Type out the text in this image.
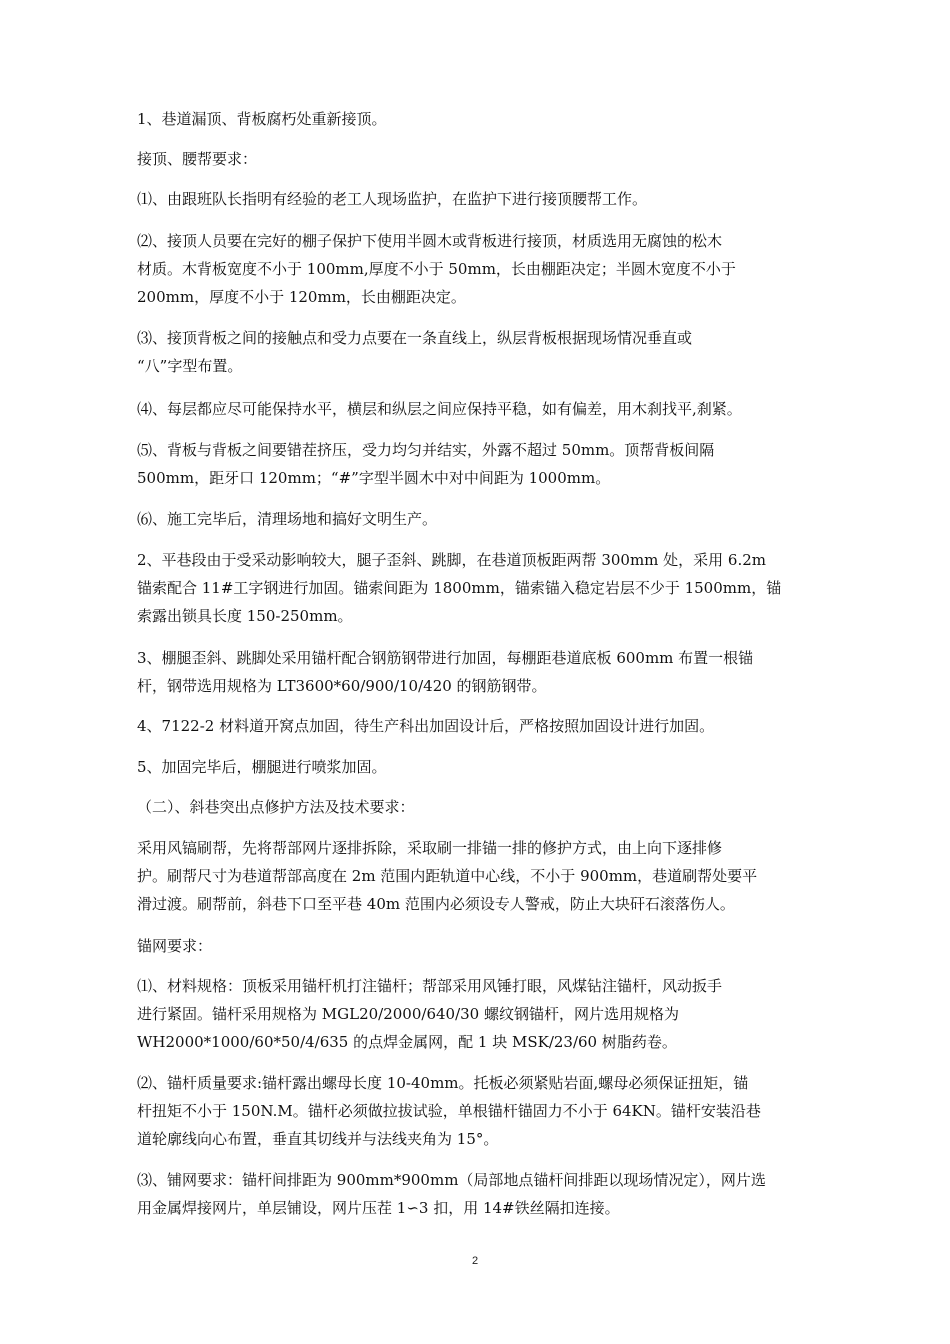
1、巷道漏顶、背板腐朽处重新接顶。
接顶、腰帮要求：
⑴、由跟班队长指明有经验的老工人现场监护，在监护下进行接顶腰帮工作。
⑵、接顶人员要在完好的棚子保护下使用半圆木或背板进行接顶，材质选用无腐蚀的松木
材质。木背板宽度不小于 100mm,厚度不小于 50mm，长由棚距决定；半圆木宽度不小于
200mm，厚度不小于 120mm，长由棚距决定。
⑶、接顶背板之间的接触点和受力点要在一条直线上，纵层背板根据现场情况垂直或
“八”字型布置。
⑷、每层都应尽可能保持水平，横层和纵层之间应保持平稳，如有偏差，用木刹找平,刹紧。
⑸、背板与背板之间要错茬挤压，受力均匀并结实，外露不超过 50mm。顶帮背板间隔
500mm，距牙口 120mm；“#”字型半圆木中对中间距为 1000mm。
⑹、施工完毕后，清理场地和搞好文明生产。
2、平巷段由于受采动影响较大，腿子歪斜、跳脚，在巷道顶板距两帮 300mm 处，采用 6.2m
锚索配合 11#工字钢进行加固。锚索间距为 1800mm，锚索锚入稳定岩层不少于 1500mm，锚
索露出锁具长度 150-250mm。
3、棚腿歪斜、跳脚处采用锚杆配合钢筋钢带进行加固，每棚距巷道底板 600mm 布置一根锚
杆，钢带选用规格为 LT3600*60/900/10/420 的钢筋钢带。
4、7122-2 材料道开窝点加固，待生产科出加固设计后，严格按照加固设计进行加固。
5、加固完毕后，棚腿进行喷浆加固。
（二）、斜巷突出点修护方法及技术要求：
采用风镐刷帮，先将帮部网片逐排拆除，采取刷一排锚一排的修护方式，由上向下逐排修
护。刷帮尺寸为巷道帮部高度在 2m 范围内距轨道中心线，不小于 900mm，巷道刷帮处要平
滑过渡。刷帮前，斜巷下口至平巷 40m 范围内必须设专人警戒，防止大块矸石滚落伤人。
锚网要求：
⑴、材料规格：顶板采用锚杆机打注锚杆；帮部采用风锤打眼，风煤钻注锚杆，风动扳手
进行紧固。锚杆采用规格为 MGL20/2000/640/30 螺纹钢锚杆，网片选用规格为
WH2000*1000/60*50/4/635 的点焊金属网，配 1 块 MSK/23/60 树脂药卷。
⑵、锚杆质量要求:锚杆露出螺母长度 10-40mm。托板必须紧贴岩面,螺母必须保证扭矩，锚
杆扭矩不小于 150N.M。锚杆必须做拉拔试验，单根锚杆锚固力不小于 64KN。锚杆安装沿巷
道轮廓线向心布置，垂直其切线并与法线夹角为 15°。
⑶、铺网要求：锚杆间排距为 900mm*900mm（局部地点锚杆间排距以现场情况定），网片选
用金属焊接网片，单层铺设，网片压茬 1∽3 扣，用 14#铁丝隔扣连接。
2
